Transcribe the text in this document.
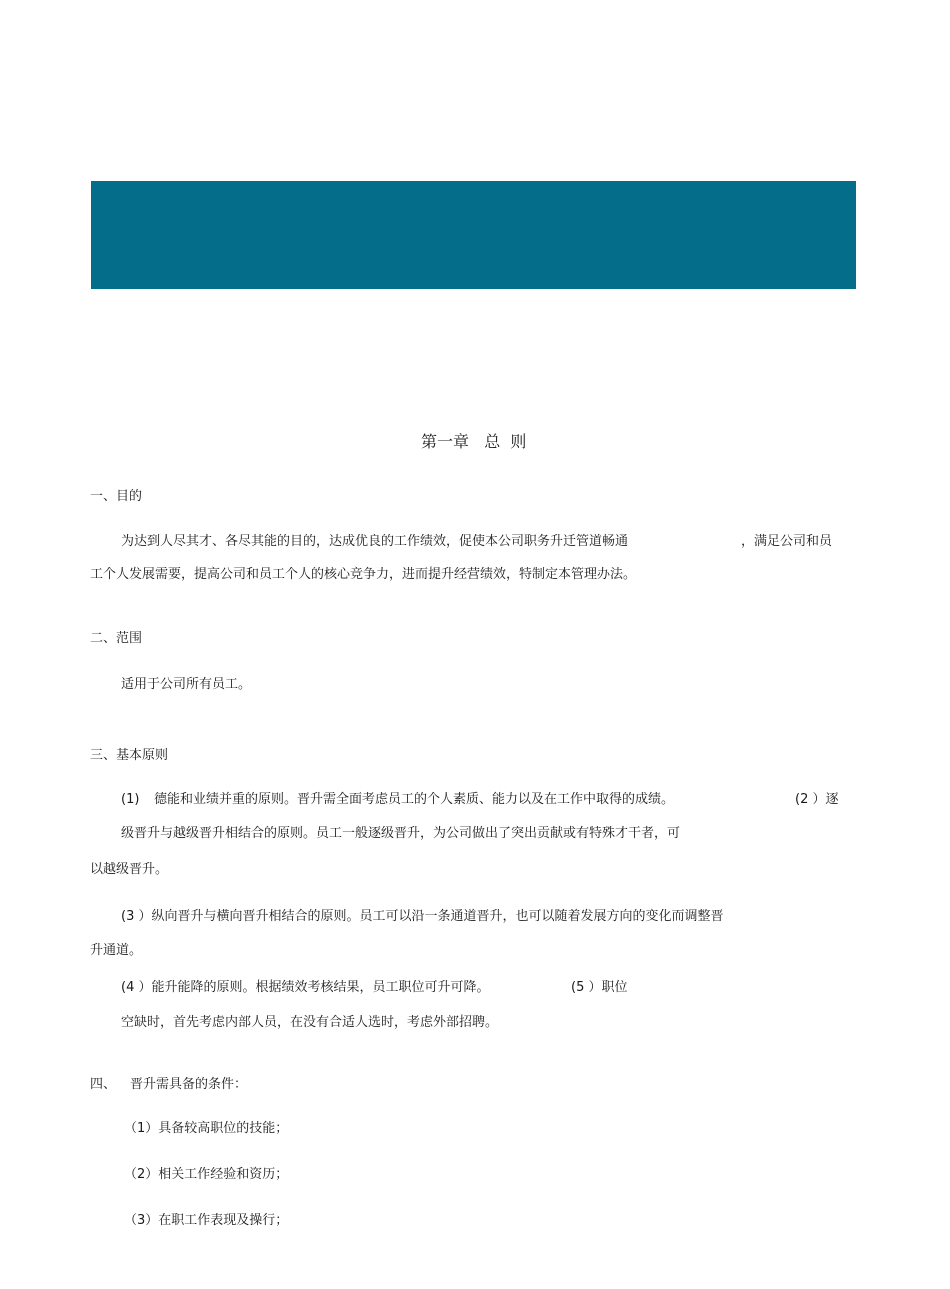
第一章   总  则
一、目的
为达到人尽其才、各尽其能的目的，达成优良的工作绩效，促使本公司职务升迁管道畅通	，满足公司和员
工个人发展需要，提高公司和员工个人的核心竞争力，进而提升经营绩效，特制定本管理办法。
二、范围
适用于公司所有员工。
三、基本原则
(1) 德能和业绩并重的原则。晋升需全面考虑员工的个人素质、能力以及在工作中取得的成绩。	(2 ）逐
级晋升与越级晋升相结合的原则。员工一般逐级晋升，为公司做出了突出贡献或有特殊才干者，可
以越级晋升。
(3 ）纵向晋升与横向晋升相结合的原则。员工可以沿一条通道晋升，也可以随着发展方向的变化而调整晋
升通道。
(4 ）能升能降的原则。根据绩效考核结果，员工职位可升可降。	(5 ）职位
空缺时，首先考虑内部人员，在没有合适人选时，考虑外部招聘。
四、 晋升需具备的条件：
（1）具备较高职位的技能；
（2）相关工作经验和资历；
（3）在职工作表现及操行；
